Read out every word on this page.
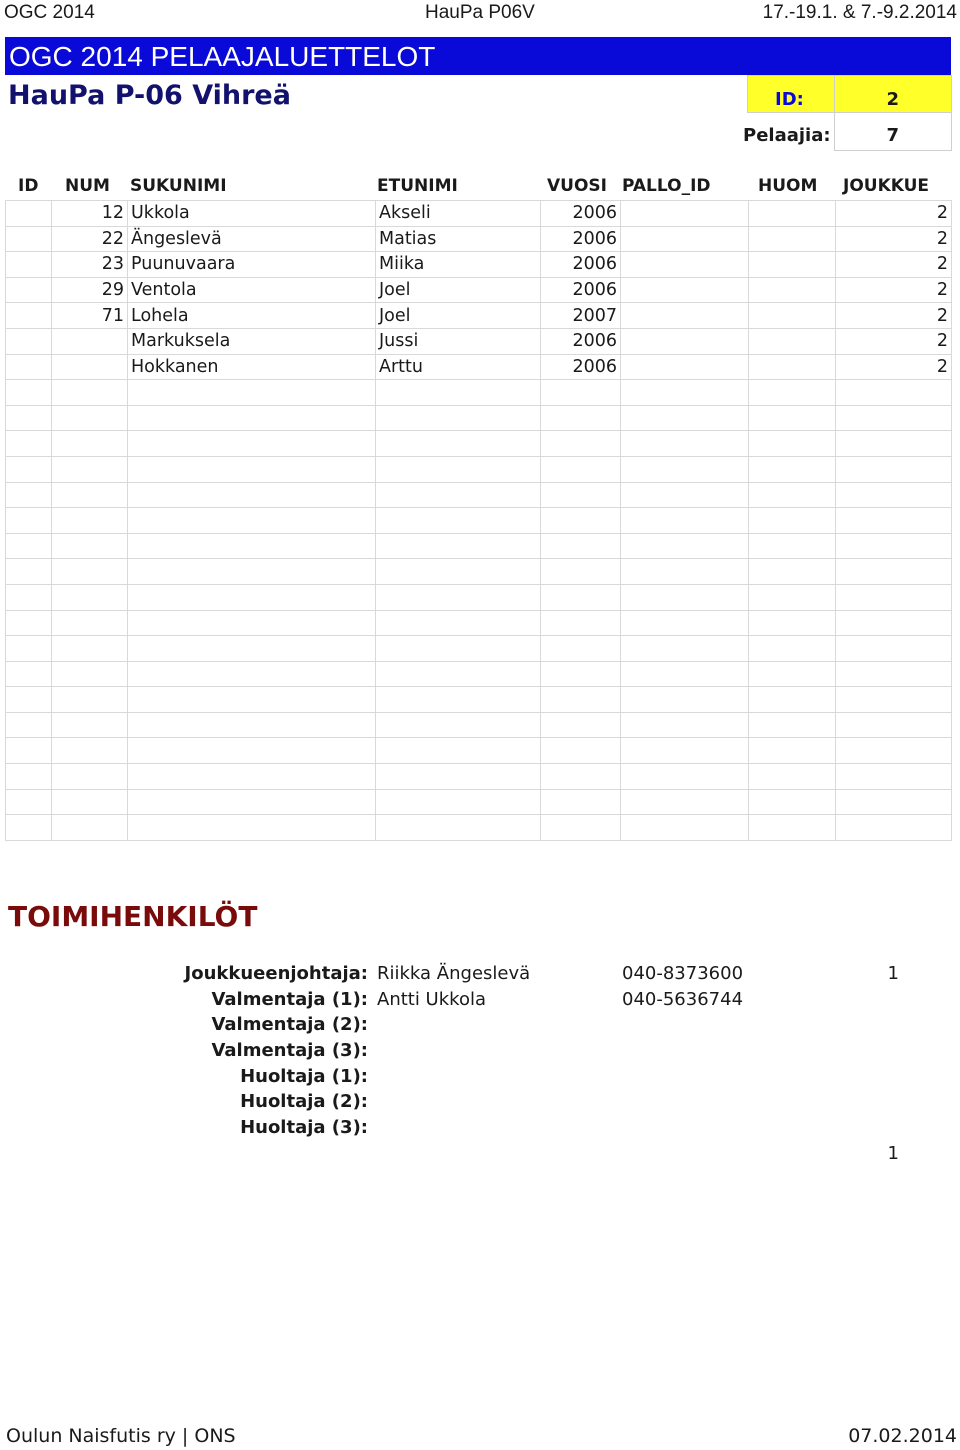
OGC 2014	HauPa P06V	17.-19.1. & 7.-9.2.2014
OGC 2014 PELAAJALUETTELOT
HauPa P-06 Vihreä	ID:	2
Pelaajia:	7
ID NUM SUKUNIMI	ETUNIMI	VUOSI PALLO_ID	HUOM JOUKKUE
	12	Ukkola	Akseli	2006			2
	22	Ängeslevä	Matias	2006			2
	23	Puunuvaara	Miika	2006			2
	29	Ventola	Joel	2006			2
	71	Lohela	Joel	2007			2
		Markuksela	Jussi	2006			2
		Hokkanen	Arttu	2006			2

TOIMIHENKILÖT
Joukkueenjohtaja: Riikka Ängeslevä	040-8373600	1
Valmentaja (1): Antti Ukkola	040-5636744
Valmentaja (2):
Valmentaja (3):
Huoltaja (1):
Huoltaja (2):
Huoltaja (3):
1
Oulun Naisfutis ry | ONS	07.02.2014
